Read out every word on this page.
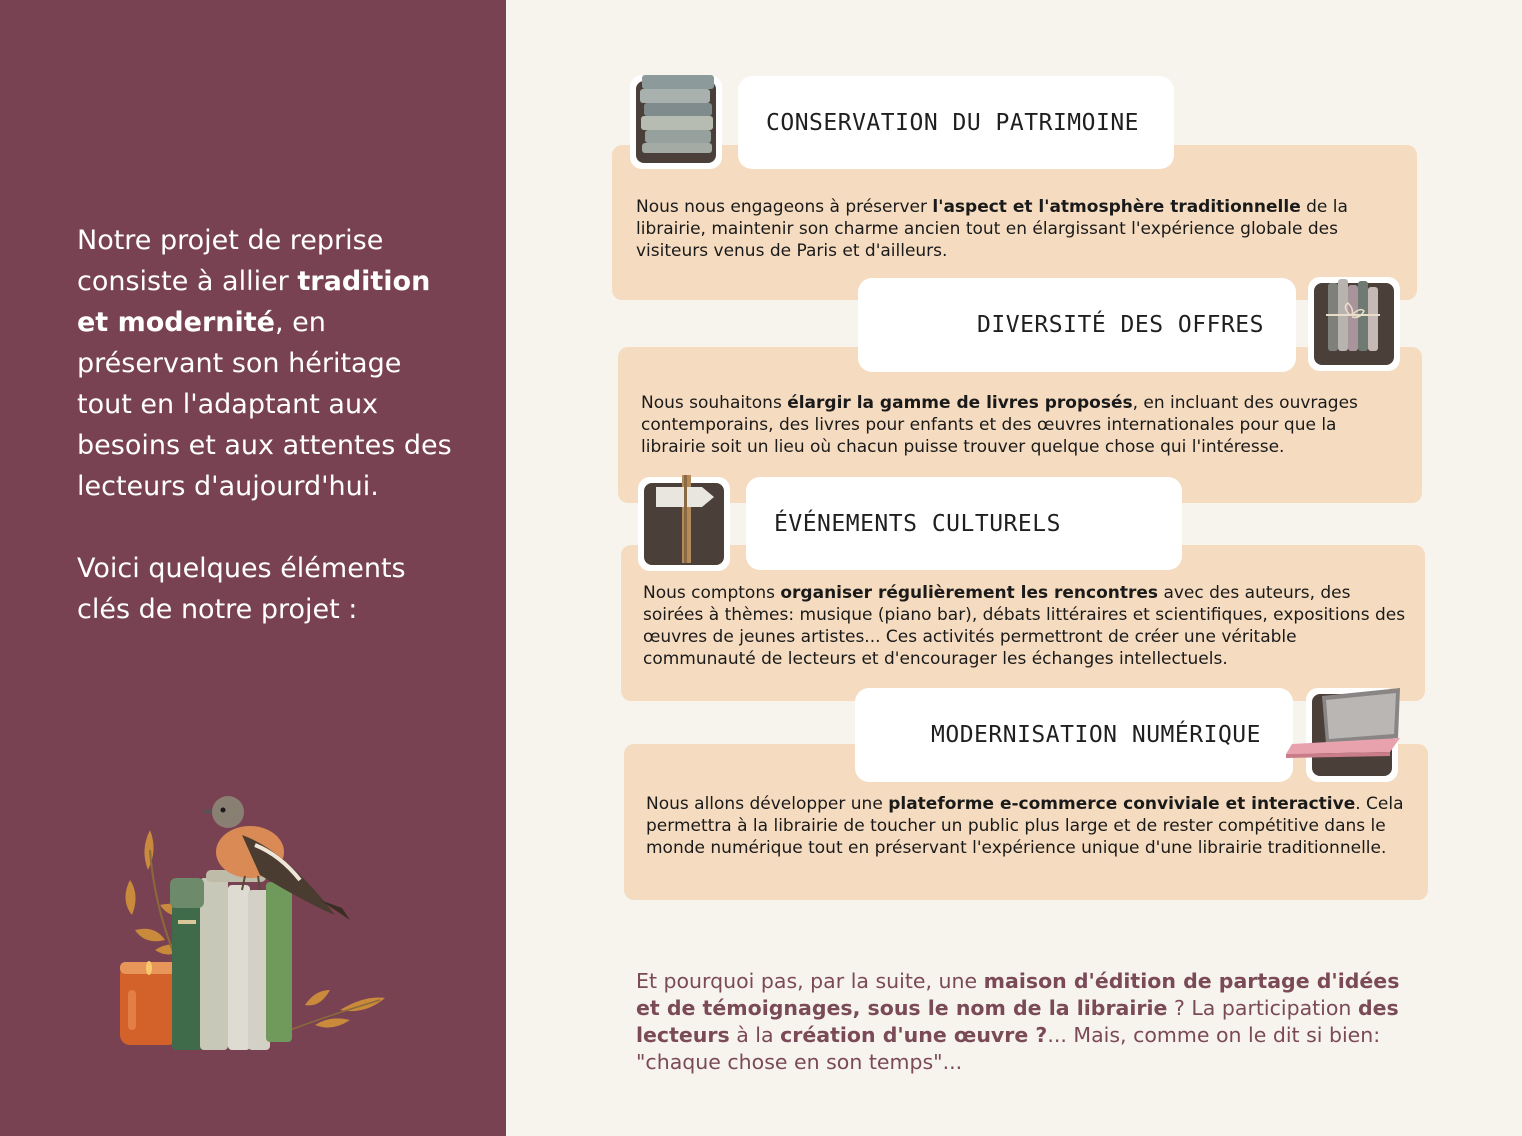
Notre projet de reprise consiste à allier tradition et modernité, en préservant son héritage tout en l'adaptant aux besoins et aux attentes des lecteurs d'aujourd'hui.

Voici quelques éléments clés de notre projet :

Nous nous engageons à préserver l'aspect et l'atmosphère traditionnelle de la librairie, maintenir son charme ancien tout en élargissant l'expérience globale des visiteurs venus de Paris et d'ailleurs.
CONSERVATION DU PATRIMOINE
Nous souhaitons élargir la gamme de livres proposés, en incluant des ouvrages contemporains, des livres pour enfants et des œuvres internationales pour que la librairie soit un lieu où chacun puisse trouver quelque chose qui l'intéresse.
DIVERSITÉ DES OFFRES
Nous comptons organiser régulièrement les rencontres avec des auteurs, des soirées à thèmes: musique (piano bar), débats littéraires et scientifiques, expositions des œuvres de jeunes artistes... Ces activités permettront de créer une véritable communauté de lecteurs et d'encourager les échanges intellectuels.
ÉVÉNEMENTS CULTURELS
Nous allons développer une plateforme e-commerce conviviale et interactive. Cela permettra à la librairie de toucher un public plus large et de rester compétitive dans le monde numérique tout en préservant l'expérience unique d'une librairie traditionnelle.
MODERNISATION NUMÉRIQUE
Et pourquoi pas, par la suite, une maison d'édition de partage d'idées et de témoignages, sous le nom de la librairie ? La participation des lecteurs à la création d'une œuvre ?... Mais, comme on le dit si bien: "chaque chose en son temps"...
